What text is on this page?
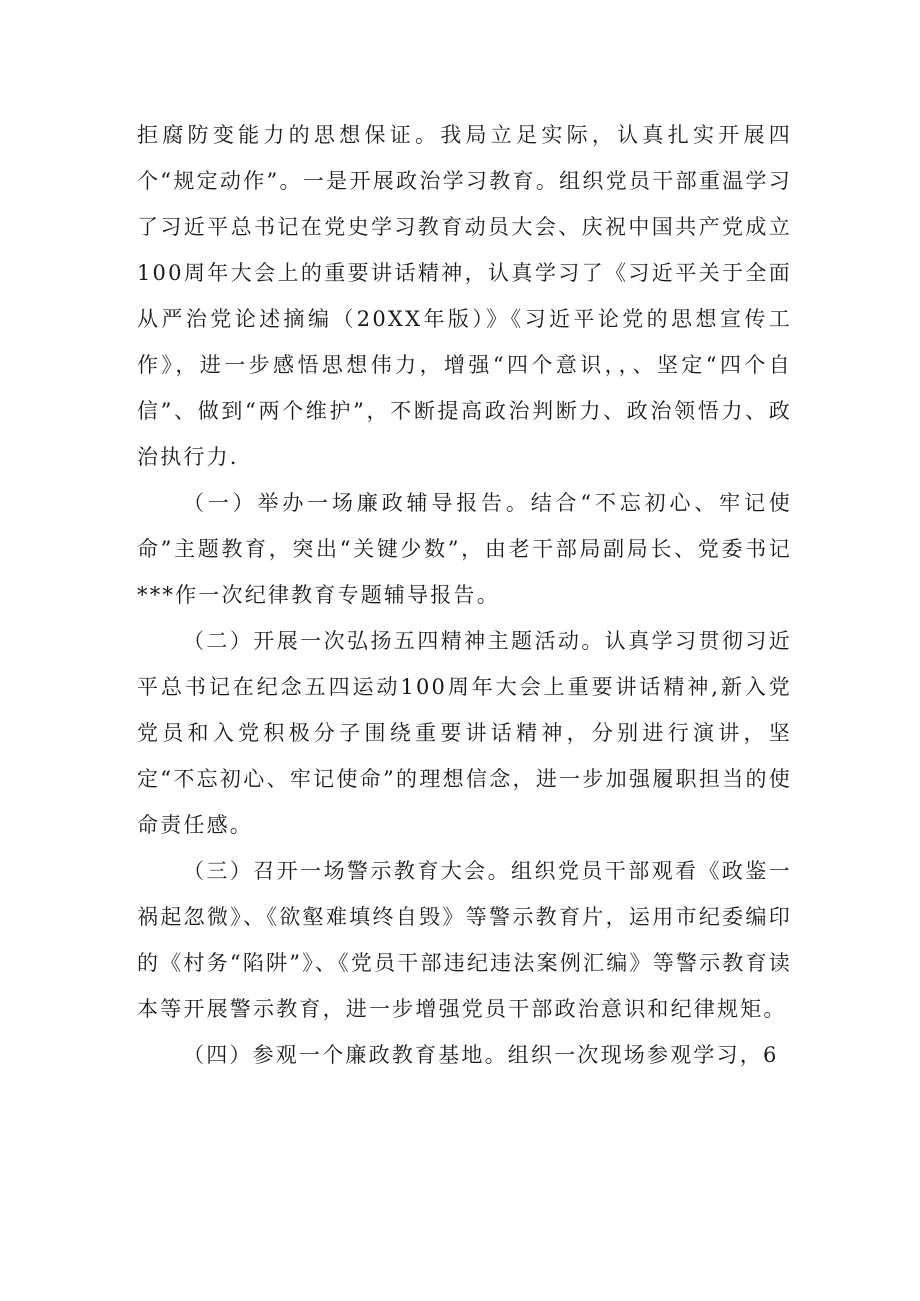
拒腐防变能力的思想保证。我局立足实际，认真扎实开展四个“规定动作”。一是开展政治学习教育。组织党员干部重温学习了习近平总书记在党史学习教育动员大会、庆祝中国共产党成立100周年大会上的重要讲话精神，认真学习了《习近平关于全面从严治党论述摘编（20XX年版）》《习近平论党的思想宣传工作》，进一步感悟思想伟力，增强“四个意识，，、坚定“四个自信”、做到“两个维护”，不断提高政治判断力、政治领悟力、政治执行力.

（一）举办一场廉政辅导报告。结合“不忘初心、牢记使命”主题教育，突出“关键少数”，由老干部局副局长、党委书记***作一次纪律教育专题辅导报告。

（二）开展一次弘扬五四精神主题活动。认真学习贯彻习近平总书记在纪念五四运动100周年大会上重要讲话精神,新入党党员和入党积极分子围绕重要讲话精神，分别进行演讲，坚定“不忘初心、牢记使命”的理想信念，进一步加强履职担当的使命责任感。

（三）召开一场警示教育大会。组织党员干部观看《政鉴一祸起忽微》、《欲壑难填终自毁》等警示教育片，运用市纪委编印的《村务“陷阱”》、《党员干部违纪违法案例汇编》等警示教育读本等开展警示教育，进一步增强党员干部政治意识和纪律规矩。

（四）参观一个廉政教育基地。组织一次现场参观学习，6
